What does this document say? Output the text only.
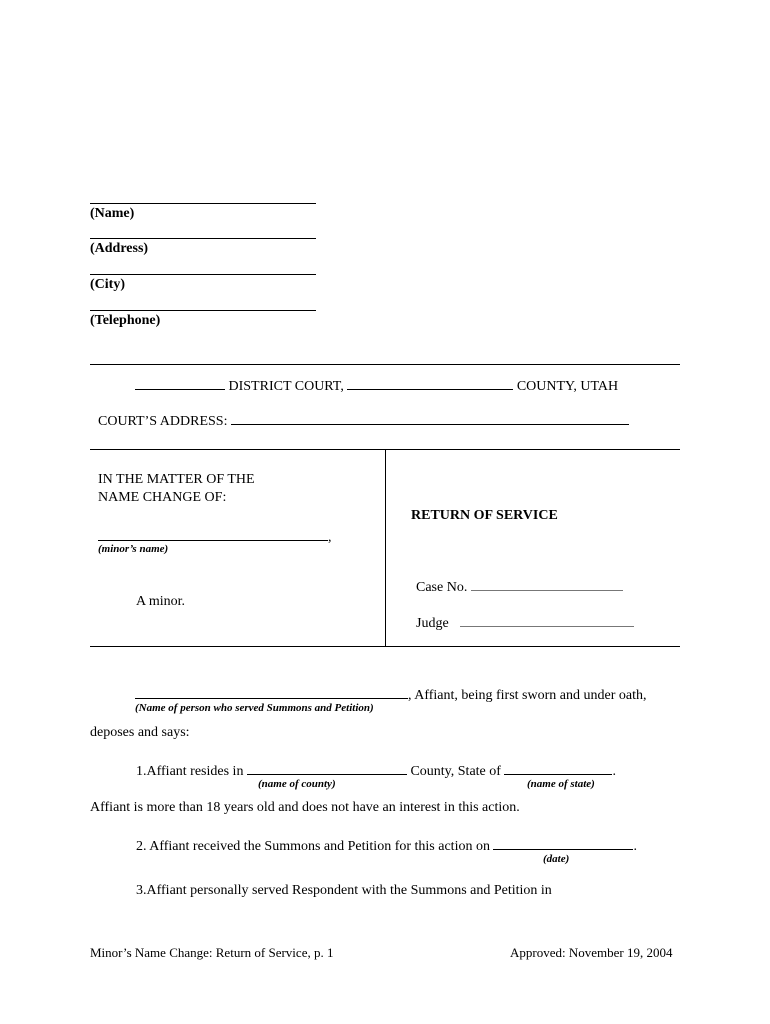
(Name)
(Address)
(City)
(Telephone)
DISTRICT COURT,	COUNTY, UTAH
COURT’S ADDRESS:
IN THE MATTER OF THE
NAME CHANGE OF:
,
(minor’s name)
A minor.
RETURN OF SERVICE
Case No.
Judge
, Affiant, being first sworn and under oath,
(Name of person who served Summons and Petition)
deposes and says:
1.Affiant resides in	County, State of	.
(name of county)	(name of state)
Affiant is more than 18 years old and does not have an interest in this action.
2. Affiant received the Summons and Petition for this action on	.
(date)
3.Affiant personally served Respondent with the Summons and Petition in
Minor’s Name Change: Return of Service, p. 1	Approved: November 19, 2004
